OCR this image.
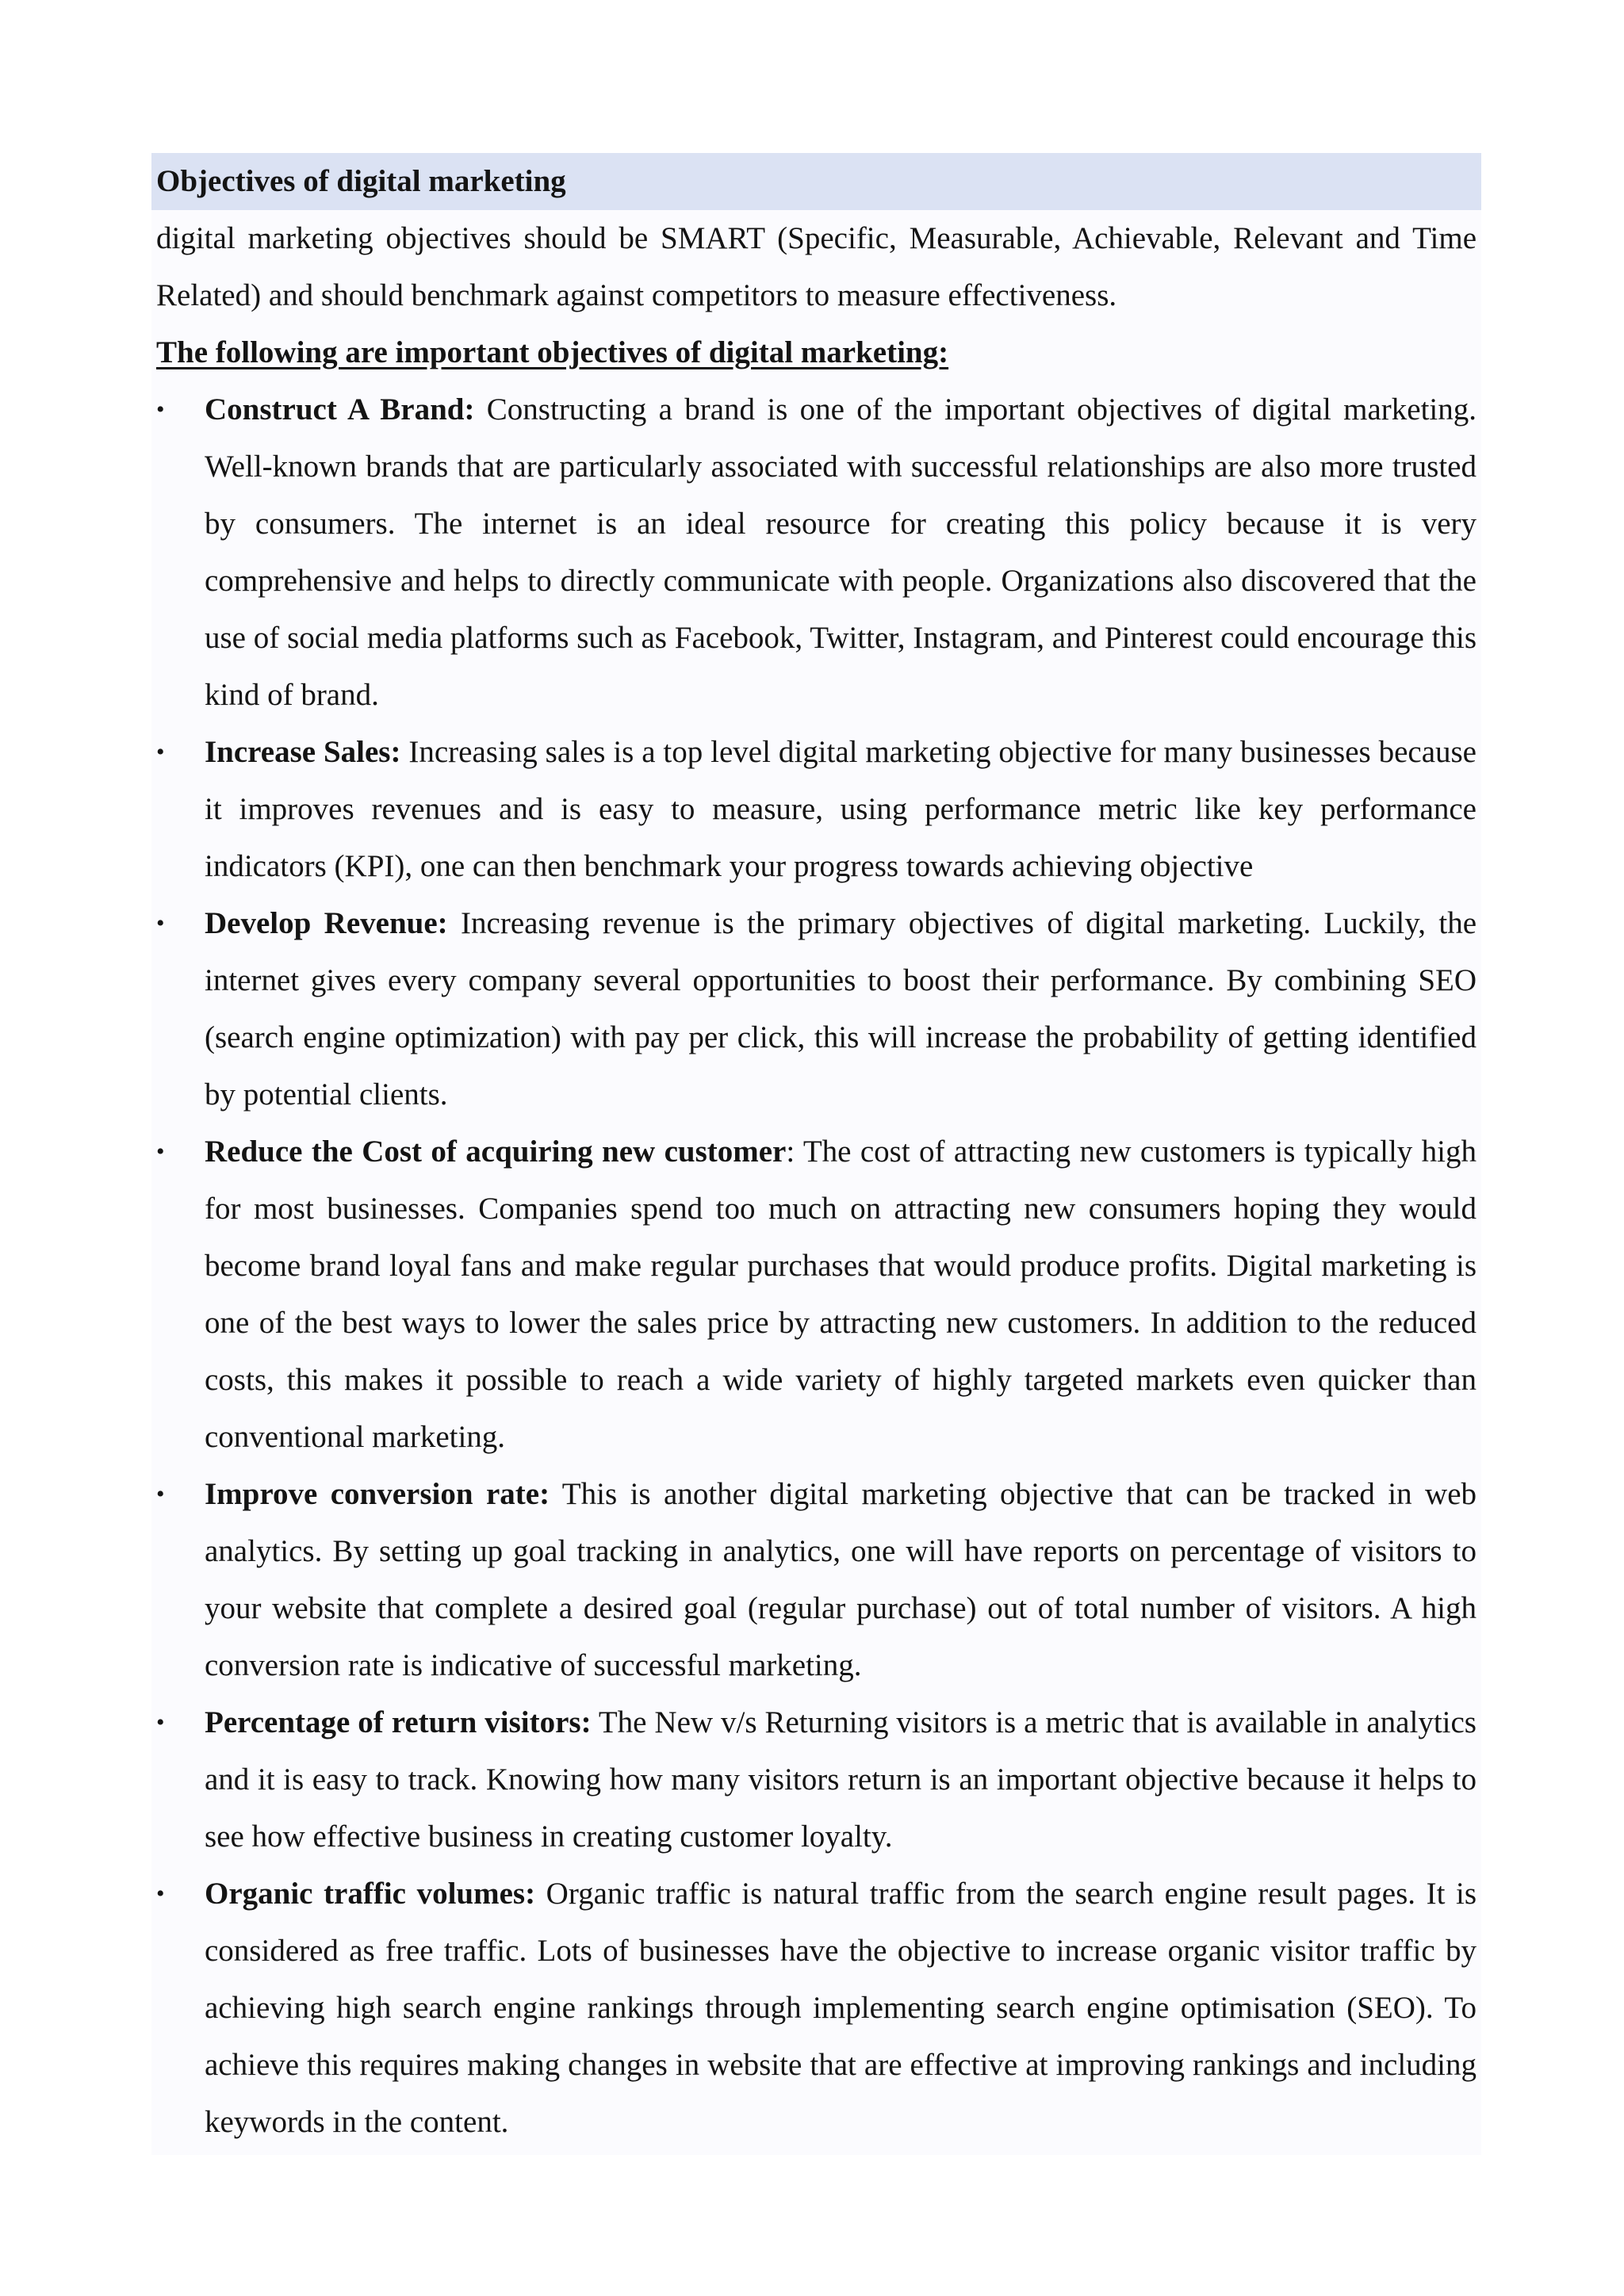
Objectives of digital marketing

digital marketing objectives should be SMART (Specific, Measurable, Achievable, Relevant and Time Related) and should benchmark against competitors to measure effectiveness.

The following are important objectives of digital marketing:

• Construct A Brand: Constructing a brand is one of the important objectives of digital marketing. Well-known brands that are particularly associated with successful relationships are also more trusted by consumers. The internet is an ideal resource for creating this policy because it is very comprehensive and helps to directly communicate with people. Organizations also discovered that the use of social media platforms such as Facebook, Twitter, Instagram, and Pinterest could encourage this kind of brand.
• Increase Sales: Increasing sales is a top level digital marketing objective for many businesses because it improves revenues and is easy to measure, using performance metric like key performance indicators (KPI), one can then benchmark your progress towards achieving objective
• Develop Revenue: Increasing revenue is the primary objectives of digital marketing. Luckily, the internet gives every company several opportunities to boost their performance. By combining SEO (search engine optimization) with pay per click, this will increase the probability of getting identified by potential clients.
• Reduce the Cost of acquiring new customer: The cost of attracting new customers is typically high for most businesses. Companies spend too much on attracting new consumers hoping they would become brand loyal fans and make regular purchases that would produce profits. Digital marketing is one of the best ways to lower the sales price by attracting new customers. In addition to the reduced costs, this makes it possible to reach a wide variety of highly targeted markets even quicker than conventional marketing.
• Improve conversion rate: This is another digital marketing objective that can be tracked in web analytics. By setting up goal tracking in analytics, one will have reports on percentage of visitors to your website that complete a desired goal (regular purchase) out of total number of visitors. A high conversion rate is indicative of successful marketing.
• Percentage of return visitors: The New v/s Returning visitors is a metric that is available in analytics and it is easy to track. Knowing how many visitors return is an important objective because it helps to see how effective business in creating customer loyalty.
• Organic traffic volumes: Organic traffic is natural traffic from the search engine result pages. It is considered as free traffic. Lots of businesses have the objective to increase organic visitor traffic by achieving high search engine rankings through implementing search engine optimisation (SEO). To achieve this requires making changes in website that are effective at improving rankings and including keywords in the content.
